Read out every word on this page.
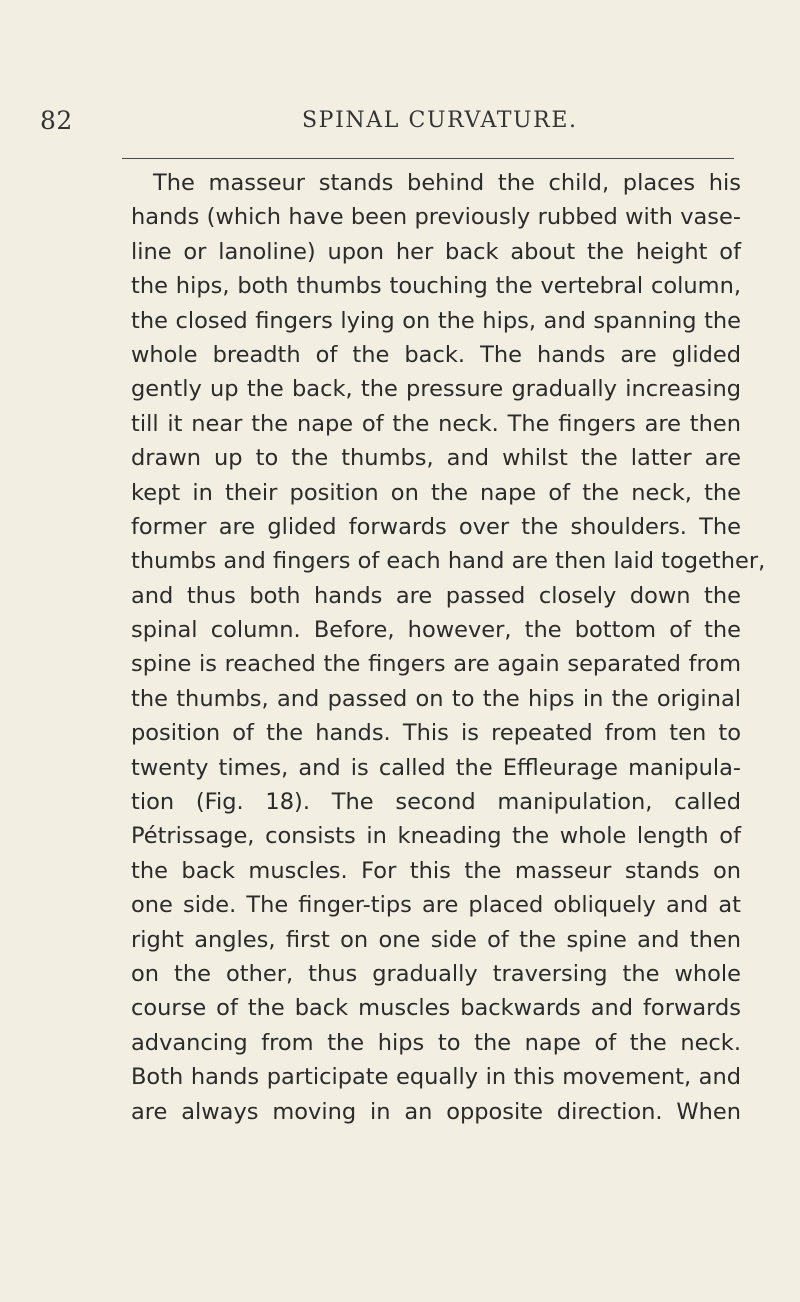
82	SPINAL CURVATURE.
The masseur stands behind the child, places his
hands (which have been previously rubbed with vase-
line or lanoline) upon her back about the height of
the hips, both thumbs touching the vertebral column,
the closed fingers lying on the hips, and spanning the
whole breadth of the back. The hands are glided
gently up the back, the pressure gradually increasing
till it near the nape of the neck. The fingers are then
drawn up to the thumbs, and whilst the latter are
kept in their position on the nape of the neck, the
former are glided forwards over the shoulders. The
thumbs and fingers of each hand are then laid together,
and thus both hands are passed closely down the
spinal column. Before, however, the bottom of the
spine is reached the fingers are again separated from
the thumbs, and passed on to the hips in the original
position of the hands. This is repeated from ten to
twenty times, and is called the Effleurage manipula-
tion (Fig. 18). The second manipulation, called
Pétrissage, consists in kneading the whole length of
the back muscles. For this the masseur stands on
one side. The finger-tips are placed obliquely and at
right angles, first on one side of the spine and then
on the other, thus gradually traversing the whole
course of the back muscles backwards and forwards
advancing from the hips to the nape of the neck.
Both hands participate equally in this movement, and
are always moving in an opposite direction. When
